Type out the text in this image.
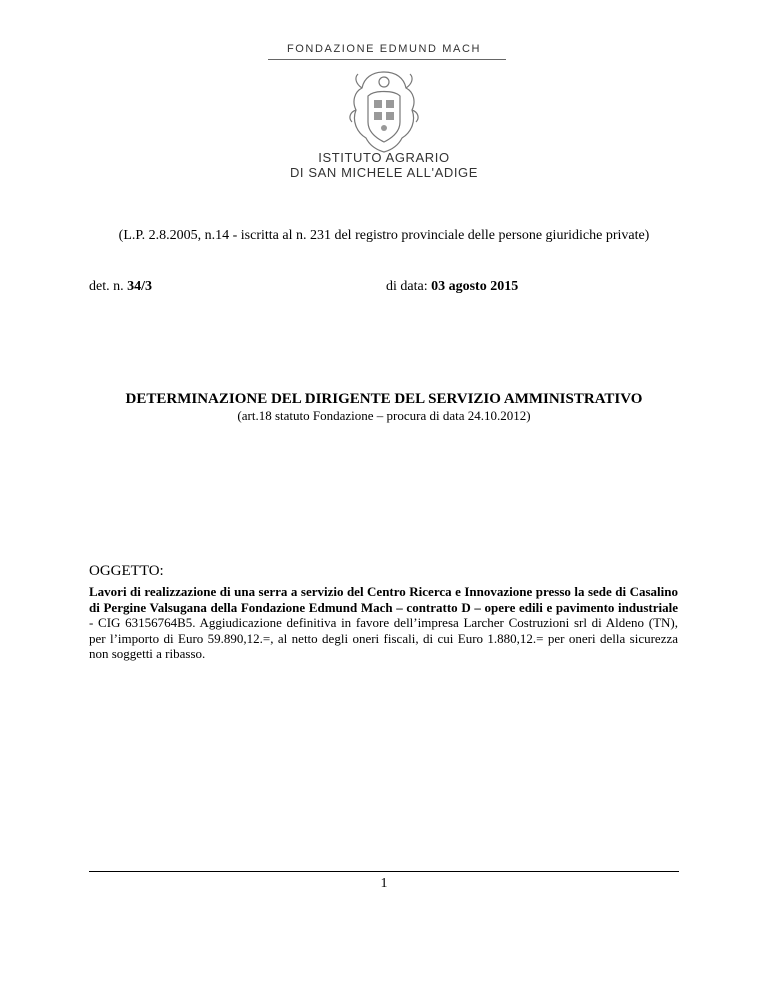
FONDAZIONE EDMUND MACH
ISTITUTO AGRARIO
DI SAN MICHELE ALL'ADIGE
(L.P. 2.8.2005, n.14 - iscritta al n. 231 del registro provinciale delle persone giuridiche private)
det. n. 34/3	di data: 03 agosto 2015
DETERMINAZIONE DEL DIRIGENTE DEL SERVIZIO AMMINISTRATIVO
(art.18 statuto Fondazione – procura di data 24.10.2012)
OGGETTO:
Lavori di realizzazione di una serra a servizio del Centro Ricerca e Innovazione presso la sede di Casalino di Pergine Valsugana della Fondazione Edmund Mach – contratto D – opere edili e pavimento industriale - CIG 63156764B5. Aggiudicazione definitiva in favore dell’impresa Larcher Costruzioni srl di Aldeno (TN), per l’importo di Euro 59.890,12.=, al netto degli oneri fiscali, di cui Euro 1.880,12.= per oneri della sicurezza non soggetti a ribasso.
1
